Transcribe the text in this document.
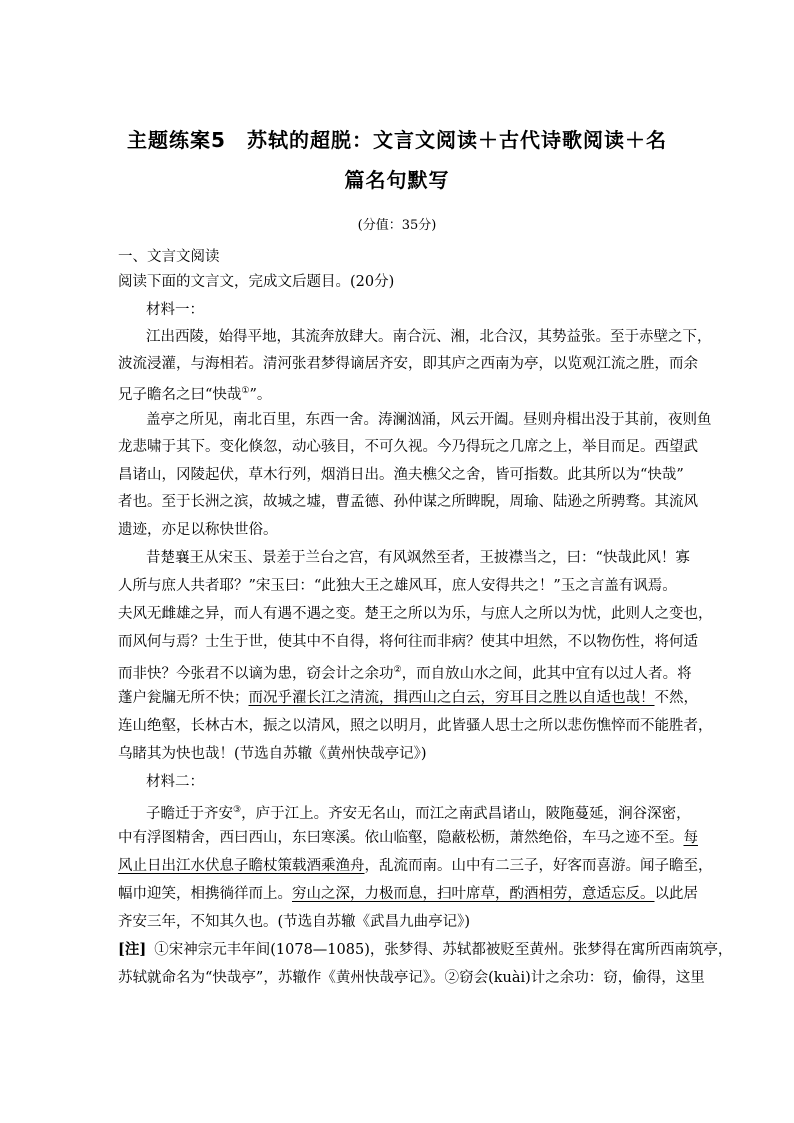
主题练案5　苏轼的超脱：文言文阅读＋古代诗歌阅读＋名
篇名句默写
(分值：35分)
一、文言文阅读
阅读下面的文言文，完成文后题目。(20分)
材料一：
江出西陵，始得平地，其流奔放肆大。南合沅、湘，北合汉，其势益张。至于赤壁之下，
波流浸灌，与海相若。清河张君梦得谪居齐安，即其庐之西南为亭，以览观江流之胜，而余
兄子瞻名之曰“快哉①”。
盖亭之所见，南北百里，东西一舍。涛澜汹涌，风云开阖。昼则舟楫出没于其前，夜则鱼
龙悲啸于其下。变化倏忽，动心骇目，不可久视。今乃得玩之几席之上，举目而足。西望武
昌诸山，冈陵起伏，草木行列，烟消日出。渔夫樵父之舍，皆可指数。此其所以为“快哉”
者也。至于长洲之滨，故城之墟，曹孟德、孙仲谋之所睥睨，周瑜、陆逊之所骋骛。其流风
遗迹，亦足以称快世俗。
昔楚襄王从宋玉、景差于兰台之宫，有风飒然至者，王披襟当之，曰：“快哉此风！寡
人所与庶人共者耶？”宋玉曰：“此独大王之雄风耳，庶人安得共之！”玉之言盖有讽焉。
夫风无雌雄之异，而人有遇不遇之变。楚王之所以为乐，与庶人之所以为忧，此则人之变也，
而风何与焉？士生于世，使其中不自得，将何往而非病？使其中坦然，不以物伤性，将何适
而非快？今张君不以谪为患，窃会计之余功②，而自放山水之间，此其中宜有以过人者。将
蓬户瓮牖无所不快；而况乎濯长江之清流，揖西山之白云，穷耳目之胜以自适也哉！不然，
连山绝壑，长林古木，振之以清风，照之以明月，此皆骚人思士之所以悲伤憔悴而不能胜者，
乌睹其为快也哉！(节选自苏辙《黄州快哉亭记》)
材料二：
子瞻迁于齐安③，庐于江上。齐安无名山，而江之南武昌诸山，陂陁蔓延，涧谷深密，
中有浮图精舍，西曰西山，东曰寒溪。依山临壑，隐蔽松枥，萧然绝俗，车马之迹不至。每
风止日出江水伏息子瞻杖策载酒乘渔舟，乱流而南。山中有二三子，好客而喜游。闻子瞻至，
幅巾迎笑，相携徜徉而上。穷山之深，力极而息，扫叶席草，酌酒相劳，意适忘反。以此居
齐安三年，不知其久也。(节选自苏辙《武昌九曲亭记》)
[注] ①宋神宗元丰年间(1078—1085)，张梦得、苏轼都被贬至黄州。张梦得在寓所西南筑亭，
苏轼就命名为“快哉亭”，苏辙作《黄州快哉亭记》。②窃会(kuài)计之余功：窃，偷得，这里
